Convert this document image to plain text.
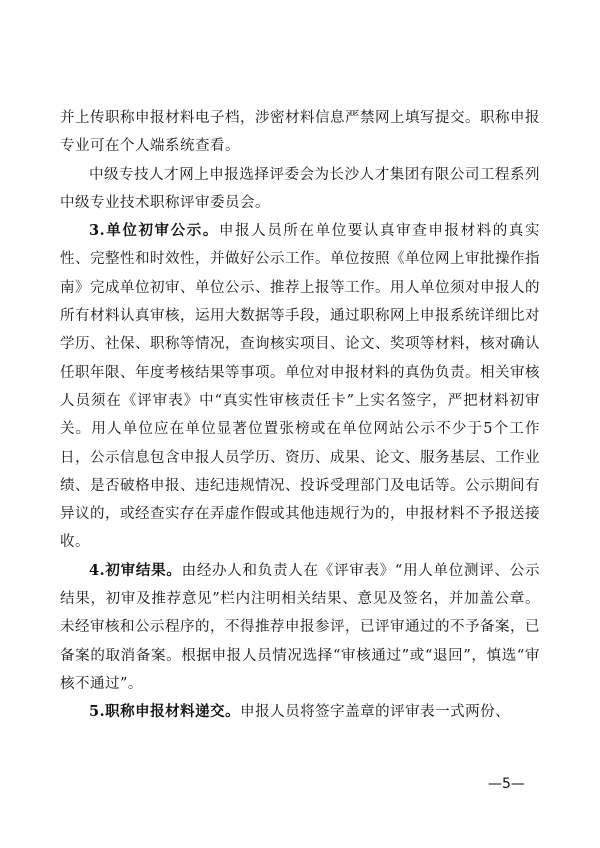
并上传职称申报材料电子档，涉密材料信息严禁网上填写提交。职称申报专业可在个人端系统查看。

中级专技人才网上申报选择评委会为长沙人才集团有限公司工程系列中级专业技术职称评审委员会。

3.单位初审公示。申报人员所在单位要认真审查申报材料的真实性、完整性和时效性，并做好公示工作。单位按照《单位网上审批操作指南》完成单位初审、单位公示、推荐上报等工作。用人单位须对申报人的所有材料认真审核，运用大数据等手段，通过职称网上申报系统详细比对学历、社保、职称等情况，查询核实项目、论文、奖项等材料，核对确认任职年限、年度考核结果等事项。单位对申报材料的真伪负责。相关审核人员须在《评审表》中“真实性审核责任卡”上实名签字，严把材料初审关。用人单位应在单位显著位置张榜或在单位网站公示不少于5个工作日，公示信息包含申报人员学历、资历、成果、论文、服务基层、工作业绩、是否破格申报、违纪违规情况、投诉受理部门及电话等。公示期间有异议的，或经查实存在弄虚作假或其他违规行为的，申报材料不予报送接收。

4.初审结果。由经办人和负责人在《评审表》“用人单位测评、公示结果，初审及推荐意见”栏内注明相关结果、意见及签名，并加盖公章。未经审核和公示程序的，不得推荐申报参评，已评审通过的不予备案，已备案的取消备案。根据申报人员情况选择“审核通过”或“退回”，慎选“审核不通过”。

5.职称申报材料递交。申报人员将签字盖章的评审表一式两份、

—5—
